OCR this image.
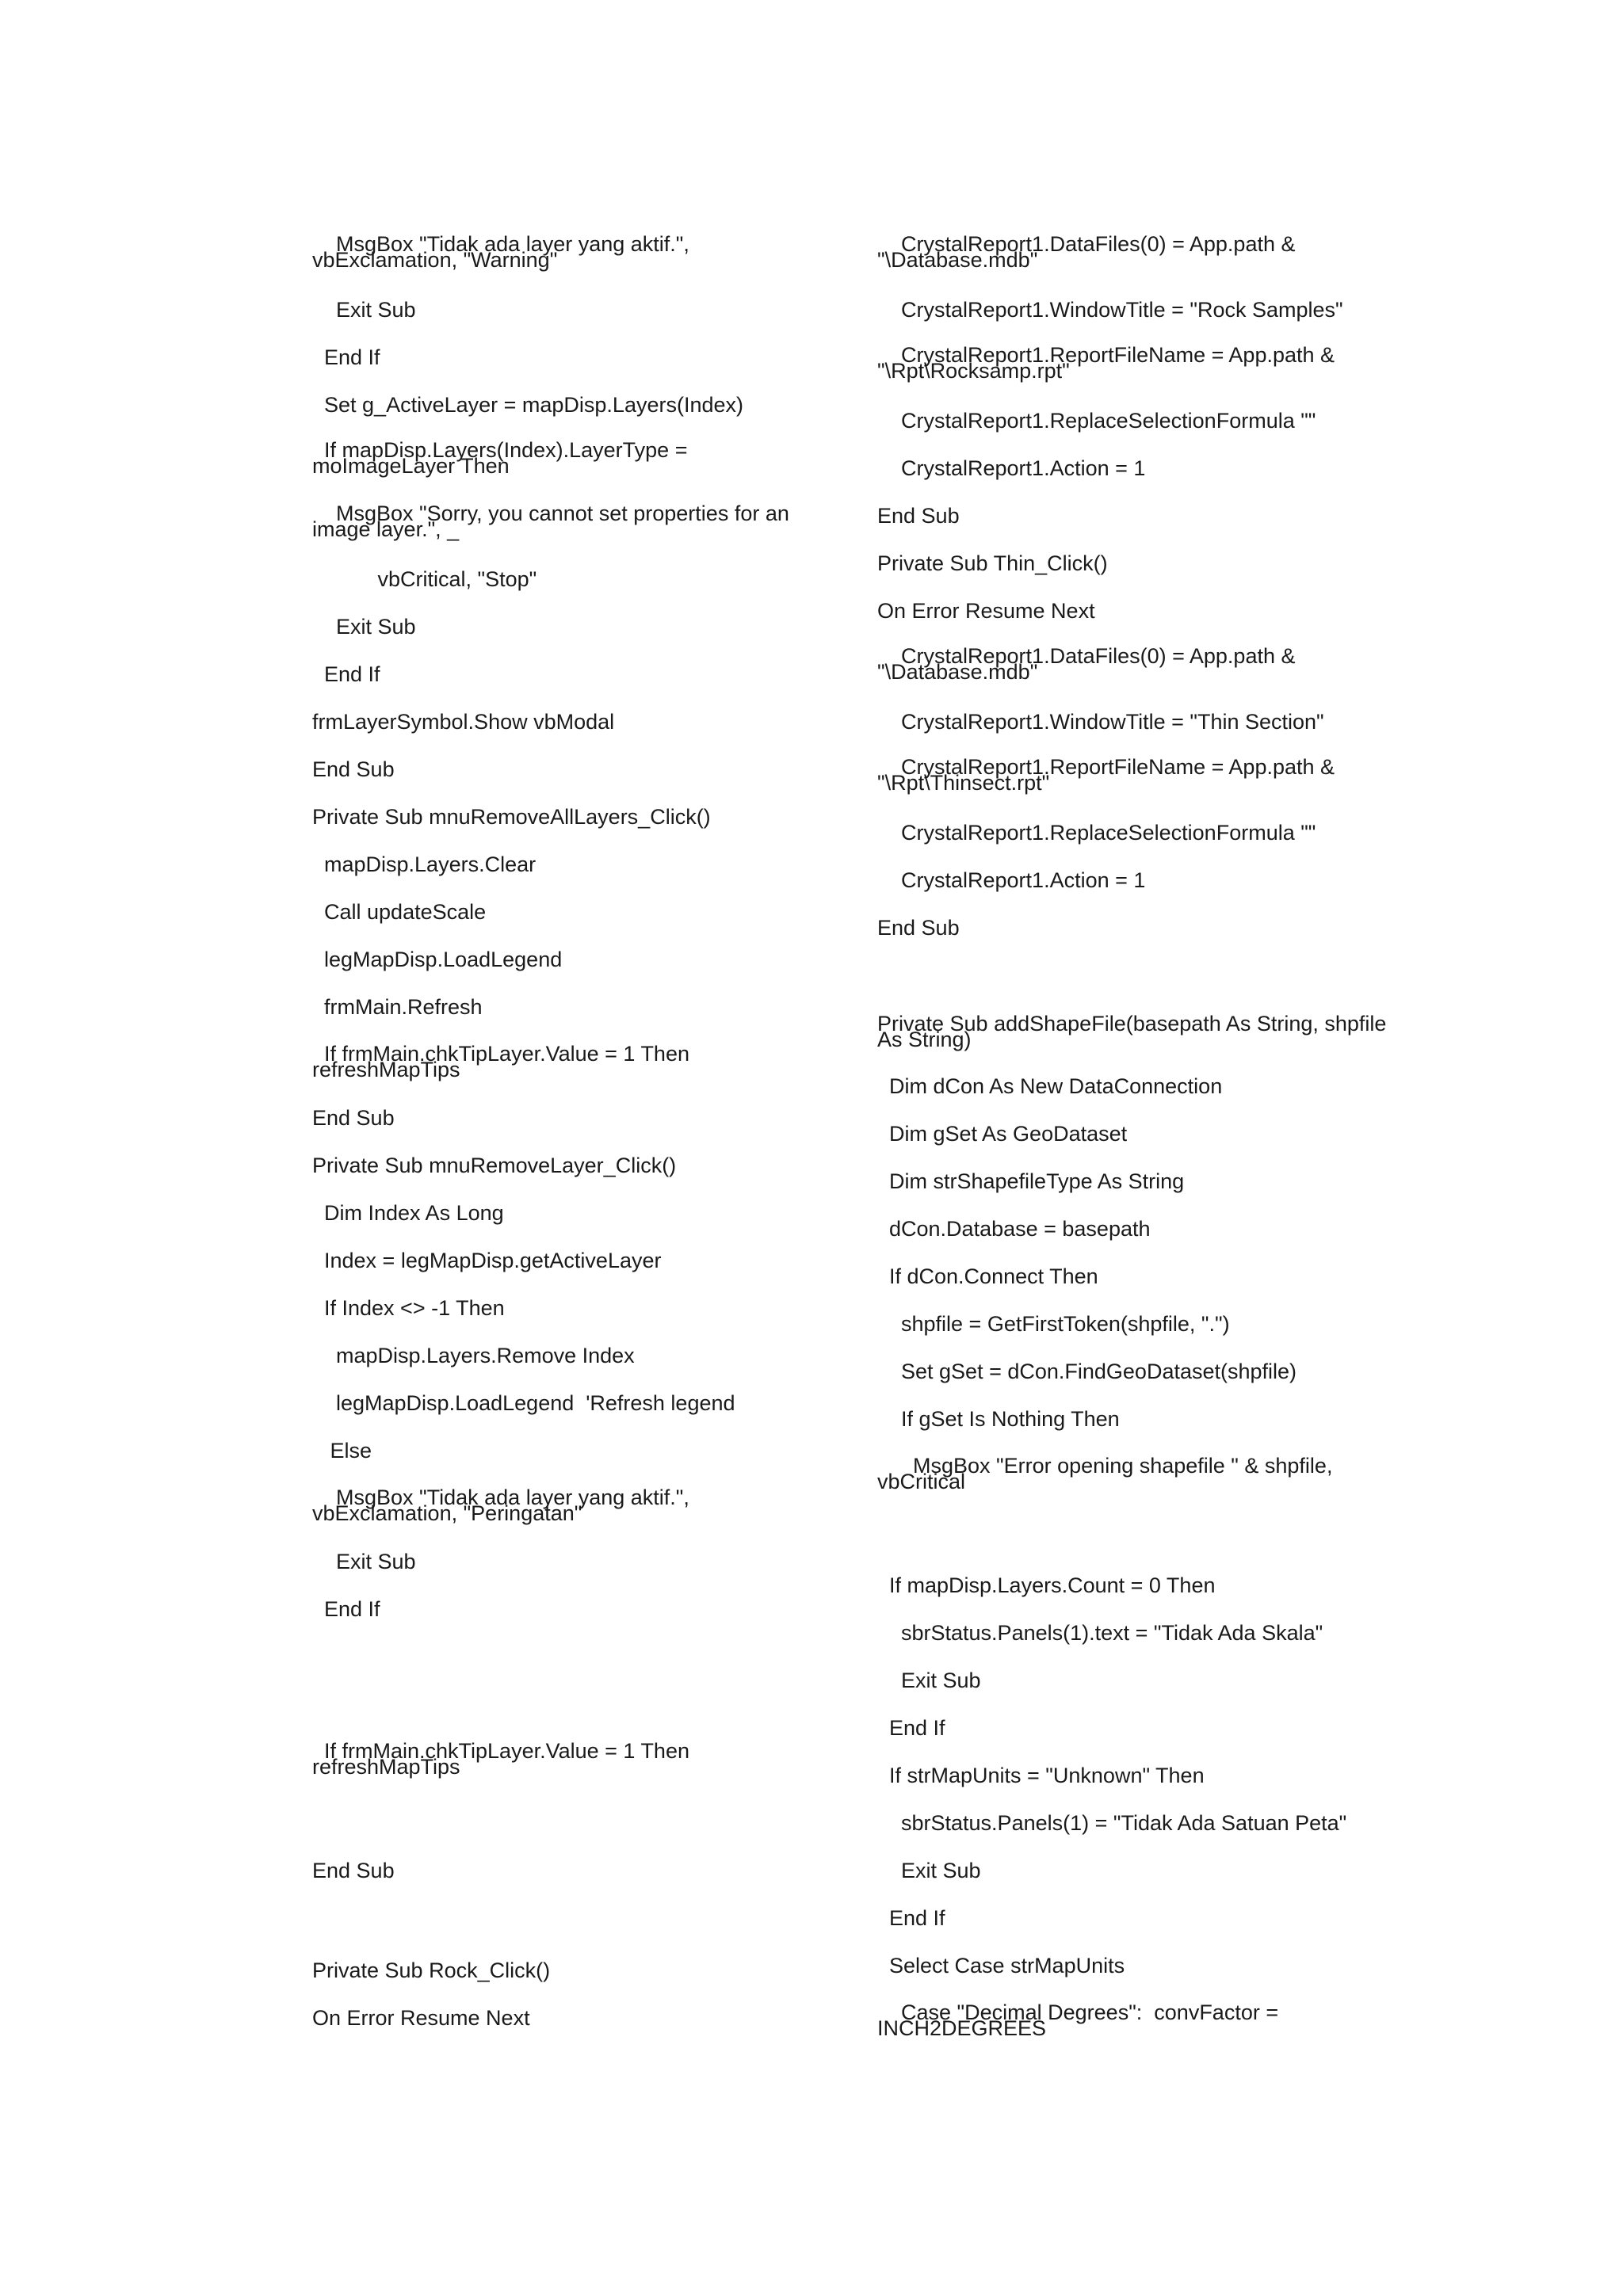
MsgBox "Tidak ada layer yang aktif.",
vbExclamation, "Warning"
Exit Sub
End If
Set g_ActiveLayer = mapDisp.Layers(Index)
If mapDisp.Layers(Index).LayerType =
moImageLayer Then
MsgBox "Sorry, you cannot set properties for an
image layer.", _
vbCritical, "Stop"
Exit Sub
End If
frmLayerSymbol.Show vbModal
End Sub
Private Sub mnuRemoveAllLayers_Click()
mapDisp.Layers.Clear
Call updateScale
legMapDisp.LoadLegend
frmMain.Refresh
If frmMain.chkTipLayer.Value = 1 Then
refreshMapTips
End Sub
Private Sub mnuRemoveLayer_Click()
Dim Index As Long
Index = legMapDisp.getActiveLayer
If Index <> -1 Then
mapDisp.Layers.Remove Index
legMapDisp.LoadLegend  'Refresh legend
Else
MsgBox "Tidak ada layer yang aktif.",
vbExclamation, "Peringatan"
Exit Sub
End If
If frmMain.chkTipLayer.Value = 1 Then
refreshMapTips
End Sub
Private Sub Rock_Click()
On Error Resume Next
CrystalReport1.DataFiles(0) = App.path &
"\Database.mdb"
CrystalReport1.WindowTitle = "Rock Samples"
CrystalReport1.ReportFileName = App.path &
"\Rpt\Rocksamp.rpt"
CrystalReport1.ReplaceSelectionFormula ""
CrystalReport1.Action = 1
End Sub
Private Sub Thin_Click()
On Error Resume Next
CrystalReport1.DataFiles(0) = App.path &
"\Database.mdb"
CrystalReport1.WindowTitle = "Thin Section"
CrystalReport1.ReportFileName = App.path &
"\Rpt\Thinsect.rpt"
CrystalReport1.ReplaceSelectionFormula ""
CrystalReport1.Action = 1
End Sub
Private Sub addShapeFile(basepath As String, shpfile
As String)
Dim dCon As New DataConnection
Dim gSet As GeoDataset
Dim strShapefileType As String
dCon.Database = basepath
If dCon.Connect Then
shpfile = GetFirstToken(shpfile, ".")
Set gSet = dCon.FindGeoDataset(shpfile)
If gSet Is Nothing Then
MsgBox "Error opening shapefile " & shpfile,
vbCritical
If mapDisp.Layers.Count = 0 Then
sbrStatus.Panels(1).text = "Tidak Ada Skala"
Exit Sub
End If
If strMapUnits = "Unknown" Then
sbrStatus.Panels(1) = "Tidak Ada Satuan Peta"
Exit Sub
End If
Select Case strMapUnits
Case "Decimal Degrees":  convFactor =
INCH2DEGREES
